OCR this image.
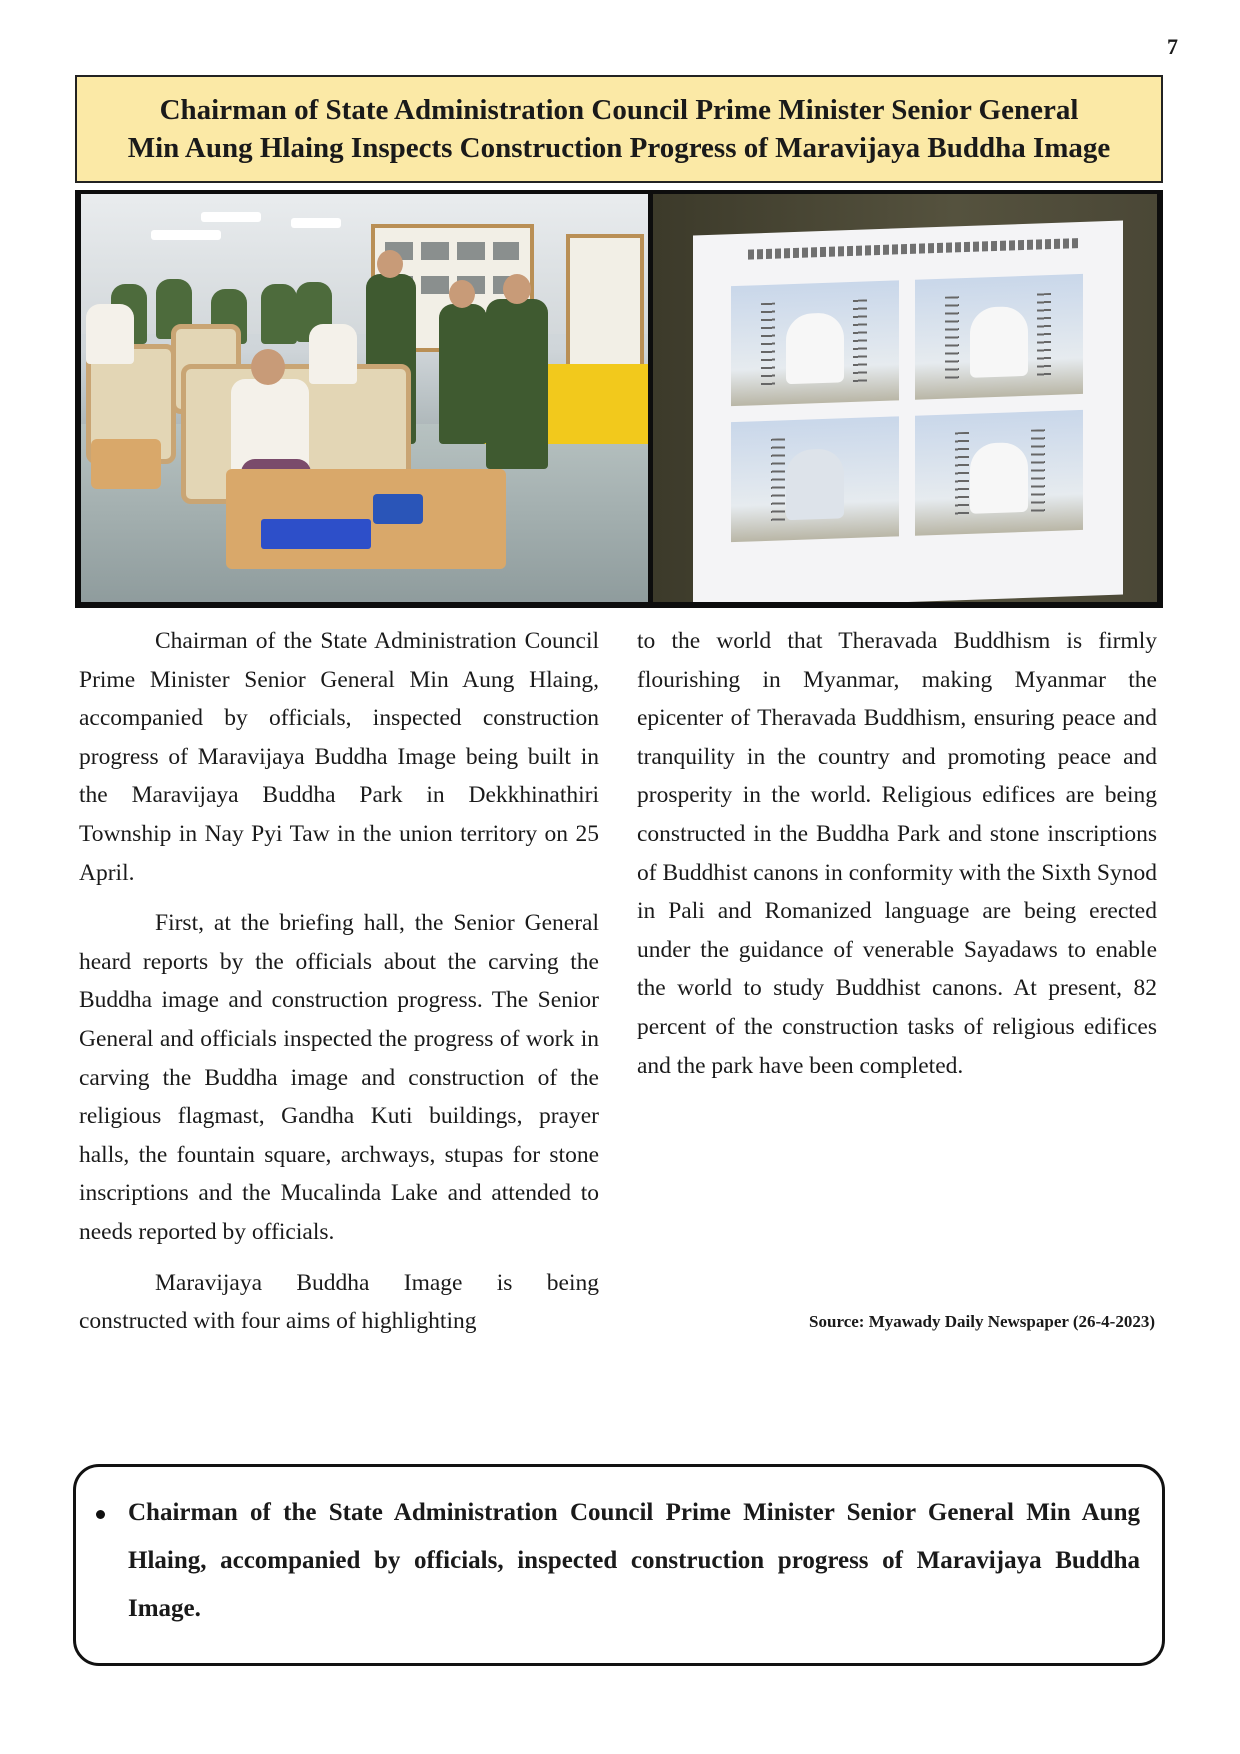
7
Chairman of State Administration Council Prime Minister Senior General
Min Aung Hlaing Inspects Construction Progress of Maravijaya Buddha Image

Chairman of the State Administration Council Prime Minister Senior General Min Aung Hlaing, accompanied by officials, inspected construction progress of Maravijaya Buddha Image being built in the Maravijaya Buddha Park in Dekkhinathiri Township in Nay Pyi Taw in the union territory on 25 April.

First, at the briefing hall, the Senior General heard reports by the officials about the carving the Buddha image and construction progress. The Senior General and officials inspected the progress of work in carving the Buddha image and construction of the religious flagmast, Gandha Kuti buildings, prayer halls, the fountain square, archways, stupas for stone inscriptions and the Mucalinda Lake and attended to needs reported by officials.

Maravijaya Buddha Image is being constructed with four aims of highlighting

to the world that Theravada Buddhism is firmly flourishing in Myanmar, making Myanmar the epicenter of Theravada Buddhism, ensuring peace and tranquility in the country and promoting peace and prosperity in the world. Religious edifices are being constructed in the Buddha Park and stone inscriptions of Buddhist canons in conformity with the Sixth Synod in Pali and Romanized language are being erected under the guidance of venerable Sayadaws to enable the world to study Buddhist canons. At present, 82 percent of the construction tasks of religious edifices and the park have been completed.

Source: Myawady Daily Newspaper (26-4-2023)
Chairman of the State Administration Council Prime Minister Senior General Min Aung Hlaing, accompanied by officials, inspected construction progress of Maravijaya Buddha Image.
